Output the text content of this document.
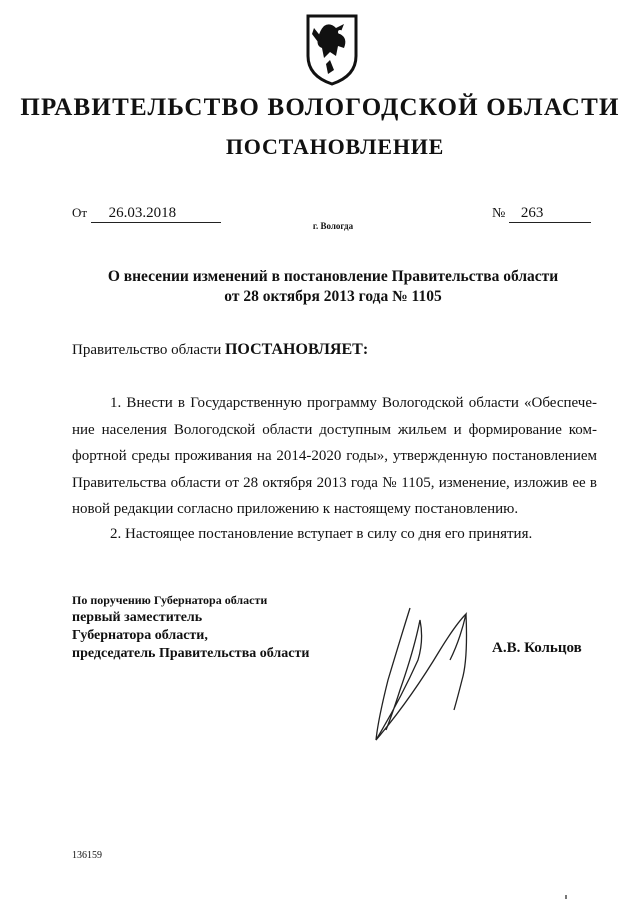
ПРАВИТЕЛЬСТВО ВОЛОГОДСКОЙ ОБЛАСТИ
ПОСТАНОВЛЕНИЕ
От 26.03.2018	№ 263
г. Вологда
О внесении изменений в постановление Правительства области
от 28 октября 2013 года № 1105
Правительство области ПОСТАНОВЛЯЕТ:
1. Внести в Государственную программу Вологодской области «Обеспече-ние населения Вологодской области доступным жильем и формирование ком-фортной среды проживания на 2014-2020 годы», утвержденную постановлением Правительства области от 28 октября 2013 года № 1105, изменение, изложив ее в новой редакции согласно приложению к настоящему постановлению.
2. Настоящее постановление вступает в силу со дня его принятия.
По поручению Губернатора области
первый заместитель
Губернатора области,
председатель Правительства области	А.В. Кольцов
136159
